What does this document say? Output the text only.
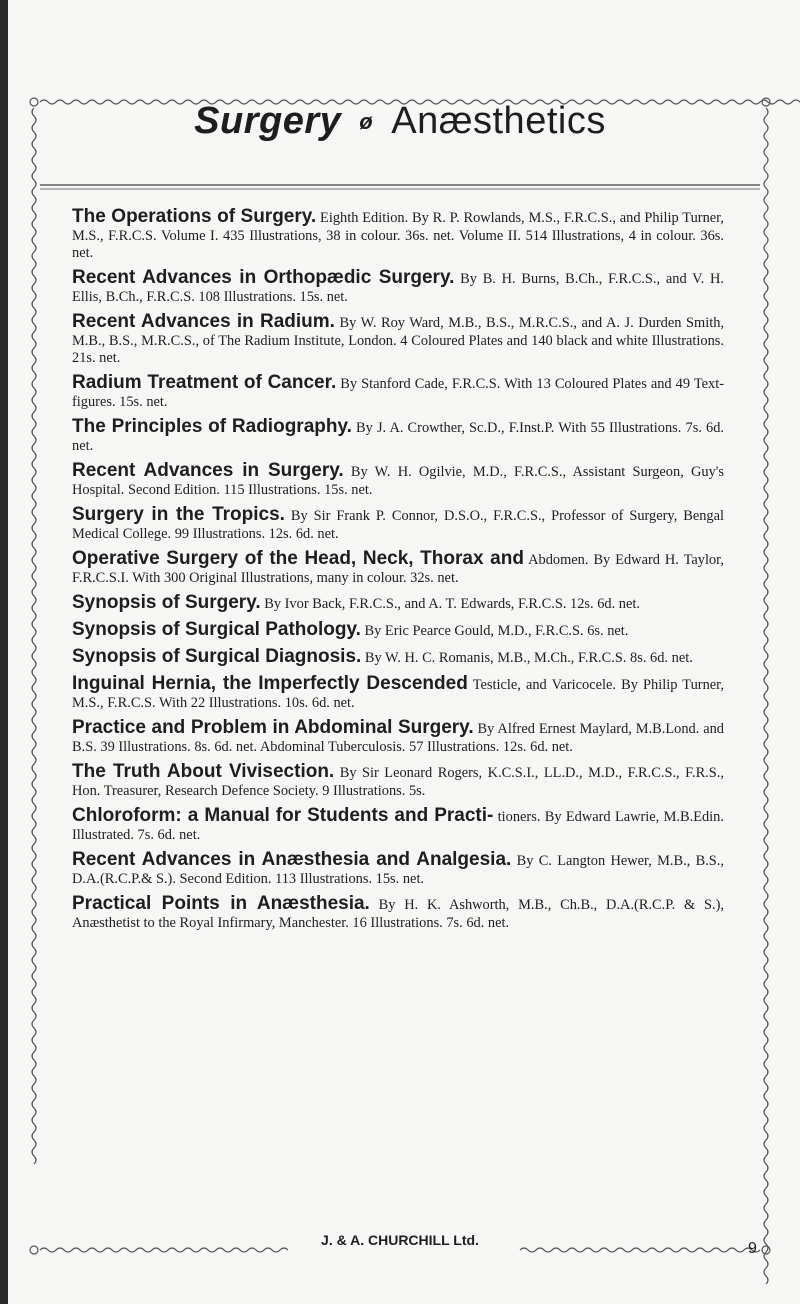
Surgery ø Anæsthetics
The Operations of Surgery. Eighth Edition. By R. P. Rowlands, M.S., F.R.C.S., and Philip Turner, M.S., F.R.C.S. Volume I. 435 Illustrations, 38 in colour. 36s. net. Volume II. 514 Illustrations, 4 in colour. 36s. net.
Recent Advances in Orthopædic Surgery. By B. H. Burns, B.Ch., F.R.C.S., and V. H. Ellis, B.Ch., F.R.C.S. 108 Illustrations. 15s. net.
Recent Advances in Radium. By W. Roy Ward, M.B., B.S., M.R.C.S., and A. J. Durden Smith, M.B., B.S., M.R.C.S., of The Radium Institute, London. 4 Coloured Plates and 140 black and white Illustrations. 21s. net.
Radium Treatment of Cancer. By Stanford Cade, F.R.C.S. With 13 Coloured Plates and 49 Text-figures. 15s. net.
The Principles of Radiography. By J. A. Crowther, Sc.D., F.Inst.P. With 55 Illustrations. 7s. 6d. net.
Recent Advances in Surgery. By W. H. Ogilvie, M.D., F.R.C.S., Assistant Surgeon, Guy's Hospital. Second Edition. 115 Illustrations. 15s. net.
Surgery in the Tropics. By Sir Frank P. Connor, D.S.O., F.R.C.S., Professor of Surgery, Bengal Medical College. 99 Illustrations. 12s. 6d. net.
Operative Surgery of the Head, Neck, Thorax and Abdomen. By Edward H. Taylor, F.R.C.S.I. With 300 Original Illustrations, many in colour. 32s. net.
Synopsis of Surgery. By Ivor Back, F.R.C.S., and A. T. Edwards, F.R.C.S. 12s. 6d. net.
Synopsis of Surgical Pathology. By Eric Pearce Gould, M.D., F.R.C.S. 6s. net.
Synopsis of Surgical Diagnosis. By W. H. C. Romanis, M.B., M.Ch., F.R.C.S. 8s. 6d. net.
Inguinal Hernia, the Imperfectly Descended Testicle, and Varicocele. By Philip Turner, M.S., F.R.C.S. With 22 Illustrations. 10s. 6d. net.
Practice and Problem in Abdominal Surgery. By Alfred Ernest Maylard, M.B.Lond. and B.S. 39 Illustrations. 8s. 6d. net. Abdominal Tuberculosis. 57 Illustrations. 12s. 6d. net.
The Truth About Vivisection. By Sir Leonard Rogers, K.C.S.I., LL.D., M.D., F.R.C.S., F.R.S., Hon. Treasurer, Research Defence Society. 9 Illustrations. 5s.
Chloroform: a Manual for Students and Practi- tioners. By Edward Lawrie, M.B.Edin. Illustrated. 7s. 6d. net.
Recent Advances in Anæsthesia and Analgesia. By C. Langton Hewer, M.B., B.S., D.A.(R.C.P.& S.). Second Edition. 113 Illustrations. 15s. net.
Practical Points in Anæsthesia. By H. K. Ashworth, M.B., Ch.B., D.A.(R.C.P. & S.), Anæsthetist to the Royal Infirmary, Manchester. 16 Illustrations. 7s. 6d. net.
J. & A. CHURCHILL Ltd.	9
